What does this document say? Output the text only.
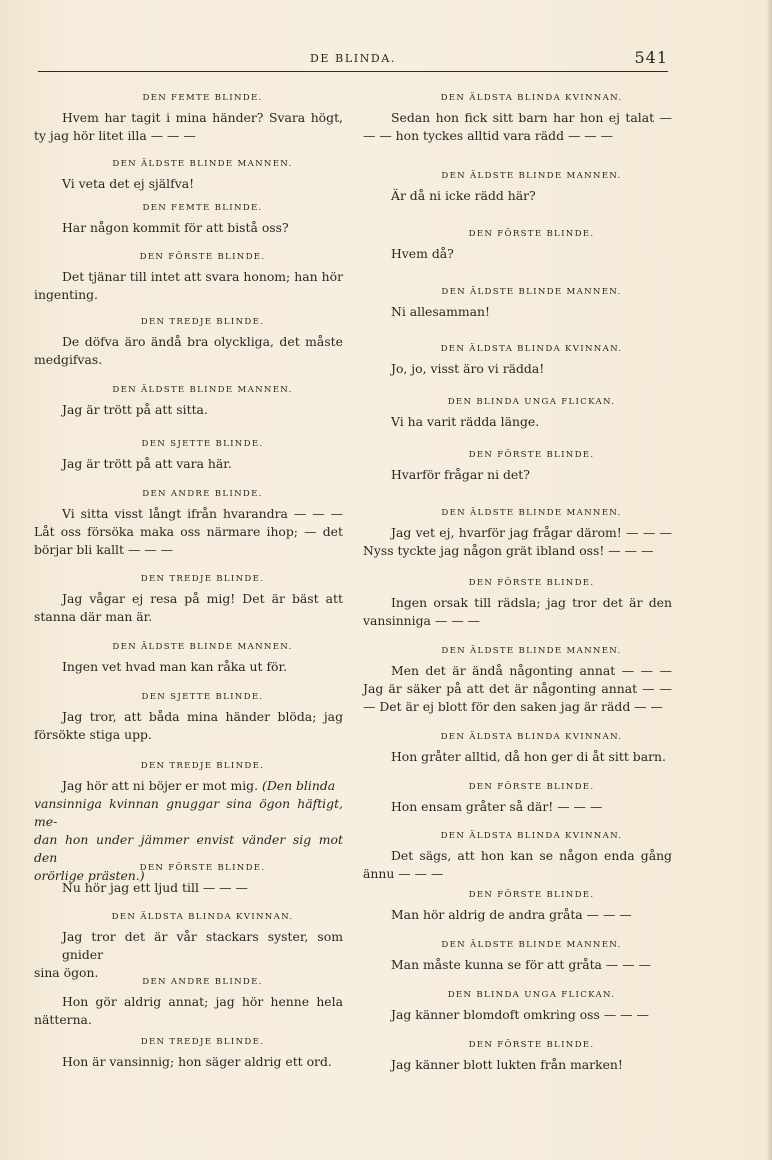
DE BLINDA.	541
DEN FEMTE BLINDE.
Hvem har tagit i mina händer? Svara högt,
ty jag hör litet illa — — —
DEN ÄLDSTE BLINDE MANNEN.
Vi veta det ej själfva!
DEN FEMTE BLINDE.
Har någon kommit för att bistå oss?
DEN FÖRSTE BLINDE.
Det tjänar till intet att svara honom; han hör
ingenting.
DEN TREDJE BLINDE.
De döfva äro ändå bra olyckliga, det måste
medgifvas.
DEN ÄLDSTE BLINDE MANNEN.
Jag är trött på att sitta.
DEN SJETTE BLINDE.
Jag är trött på att vara här.
DEN ANDRE BLINDE.
Vi sitta visst långt ifrån hvarandra — — —
Låt oss försöka maka oss närmare ihop; — det
börjar bli kallt — — —
DEN TREDJE BLINDE.
Jag vågar ej resa på mig! Det är bäst att
stanna där man är.
DEN ÄLDSTE BLINDE MANNEN.
Ingen vet hvad man kan råka ut för.
DEN SJETTE BLINDE.
Jag tror, att båda mina händer blöda; jag
försökte stiga upp.
DEN TREDJE BLINDE.
Jag hör att ni böjer er mot mig. (Den blinda
vansinniga kvinnan gnuggar sina ögon häftigt, me-
dan hon under jämmer envist vänder sig mot den
orörlige prästen.)
DEN FÖRSTE BLINDE.
Nu hör jag ett ljud till — — —
DEN ÄLDSTA BLINDA KVINNAN.
Jag tror det är vår stackars syster, som gnider
sina ögon.
DEN ANDRE BLINDE.
Hon gör aldrig annat; jag hör henne hela
nätterna.
DEN TREDJE BLINDE.
Hon är vansinnig; hon säger aldrig ett ord.
DEN ÄLDSTA BLINDA KVINNAN.
Sedan hon fick sitt barn har hon ej talat —
— — hon tyckes alltid vara rädd — — —
DEN ÄLDSTE BLINDE MANNEN.
Är då ni icke rädd här?
DEN FÖRSTE BLINDE.
Hvem då?
DEN ÄLDSTE BLINDE MANNEN.
Ni allesamman!
DEN ÄLDSTA BLINDA KVINNAN.
Jo, jo, visst äro vi rädda!
DEN BLINDA UNGA FLICKAN.
Vi ha varit rädda länge.
DEN FÖRSTE BLINDE.
Hvarför frågar ni det?
DEN ÄLDSTE BLINDE MANNEN.
Jag vet ej, hvarför jag frågar därom! — — —
Nyss tyckte jag någon grät ibland oss! — — —
DEN FÖRSTE BLINDE.
Ingen orsak till rädsla; jag tror det är den
vansinniga — — —
DEN ÄLDSTE BLINDE MANNEN.
Men det är ändå någonting annat — — —
Jag är säker på att det är någonting annat — —
— Det är ej blott för den saken jag är rädd — —
DEN ÄLDSTA BLINDA KVINNAN.
Hon gråter alltid, då hon ger di åt sitt barn.
DEN FÖRSTE BLINDE.
Hon ensam gråter så där! — — —
DEN ÄLDSTA BLINDA KVINNAN.
Det sägs, att hon kan se någon enda gång
ännu — — —
DEN FÖRSTE BLINDE.
Man hör aldrig de andra gråta — — —
DEN ÄLDSTE BLINDE MANNEN.
Man måste kunna se för att gråta — — —
DEN BLINDA UNGA FLICKAN.
Jag känner blomdoft omkring oss — — —
DEN FÖRSTE BLINDE.
Jag känner blott lukten från marken!
